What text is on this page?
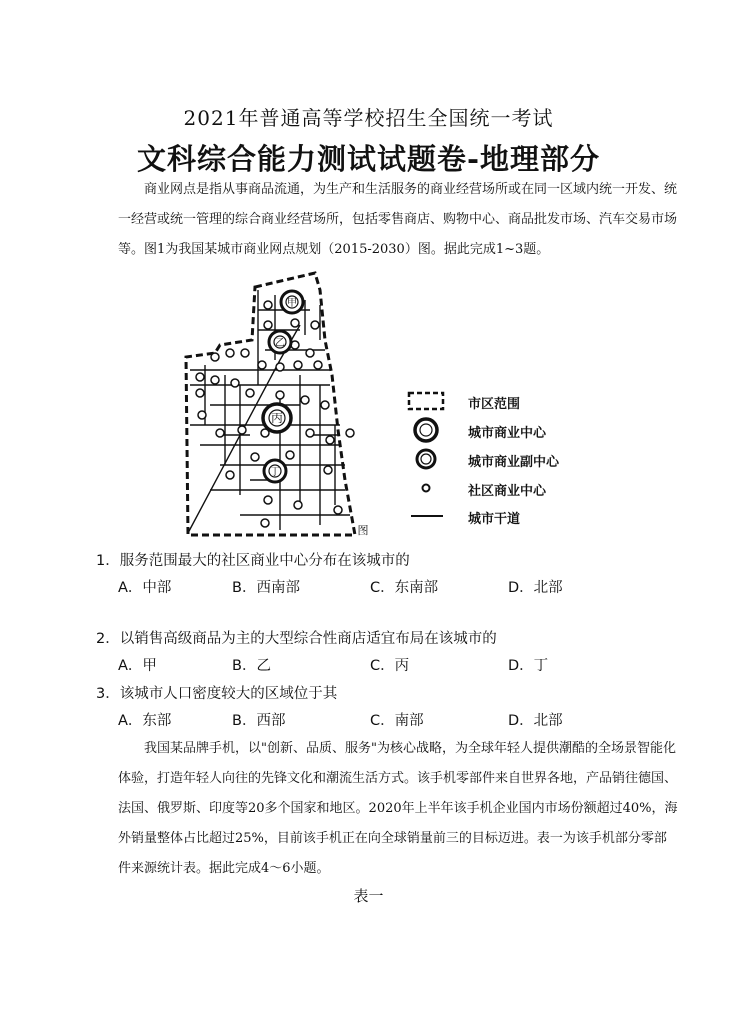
2021年普通高等学校招生全国统一考试
文科综合能力测试试题卷-地理部分

商业网点是指从事商品流通，为生产和生活服务的商业经营场所或在同一区域内统一开发、统一经营或统一管理的综合商业经营场所，包括零售商店、购物中心、商品批发市场、汽车交易市场等。图1为我国某城市商业网点规划（2015-2030）图。据此完成1~3题。

甲
乙
丙
丁
图
市区范围
城市商业中心
城市商业副中心
社区商业中心
城市干道
1．服务范围最大的社区商业中心分布在该城市的
A．中部	B．西南部	C．东南部	D．北部
2．以销售高级商品为主的大型综合性商店适宜布局在该城市的
A．甲	B．乙	C．丙	D．丁
3．该城市人口密度较大的区域位于其
A．东部	B．西部	C．南部	D．北部

我国某品牌手机，以"创新、品质、服务"为核心战略，为全球年轻人提供潮酷的全场景智能化体验，打造年轻人向往的先锋文化和潮流生活方式。该手机零部件来自世界各地，产品销往德国、法国、俄罗斯、印度等20多个国家和地区。2020年上半年该手机企业国内市场份额超过40%，海外销量整体占比超过25%，目前该手机正在向全球销量前三的目标迈进。表一为该手机部分零部件来源统计表。据此完成4～6小题。

表一
